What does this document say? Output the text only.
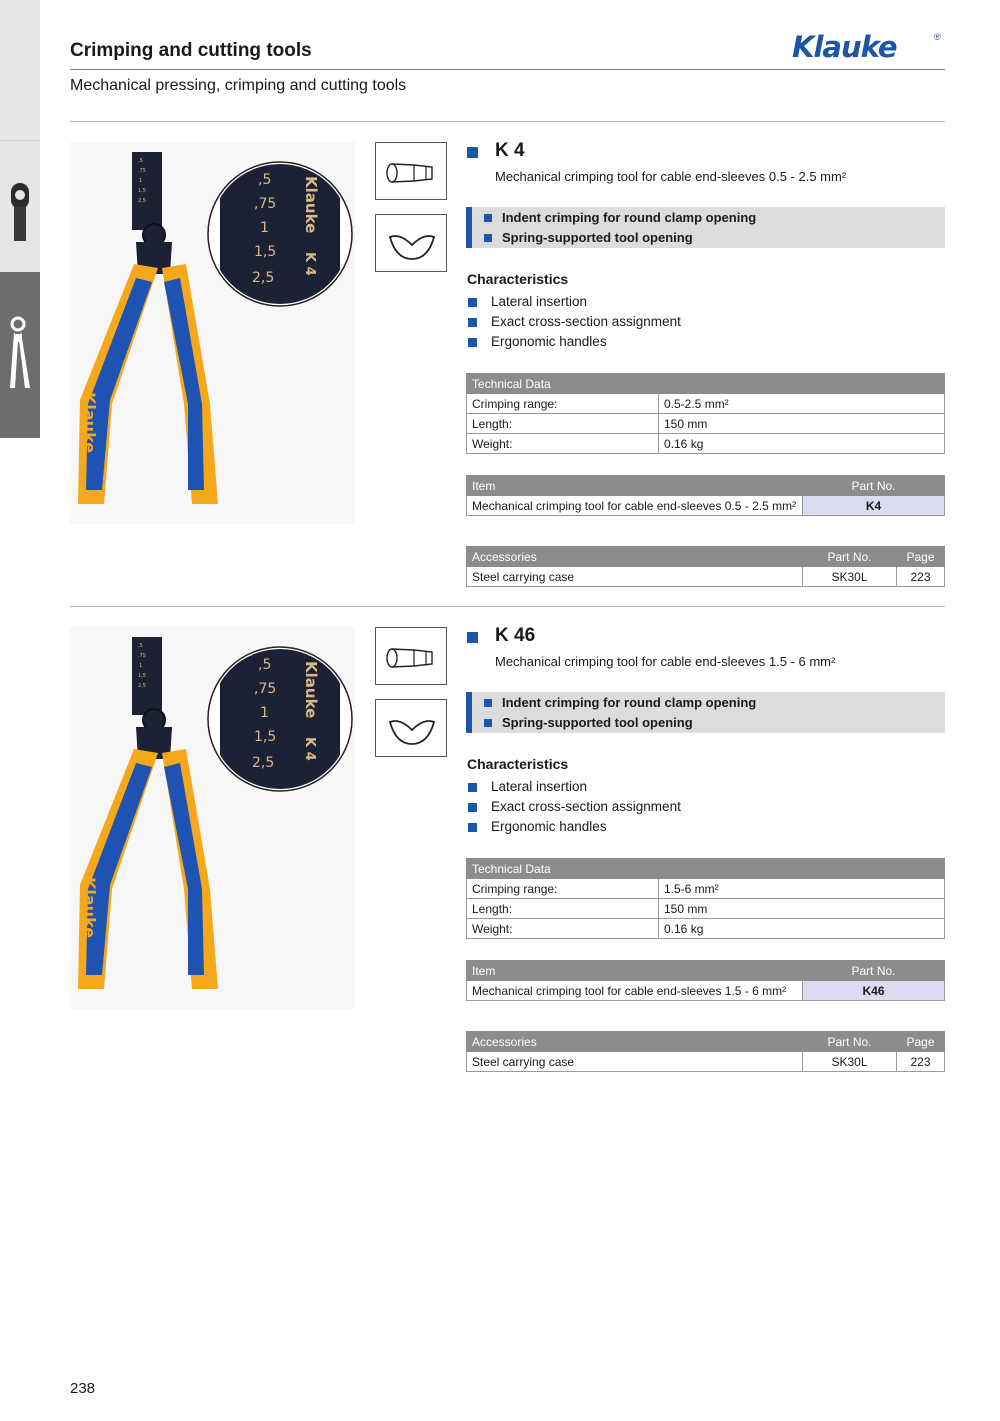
Crimping and cutting tools	Klauke	®
Mechanical pressing, crimping and cutting tools
,5
,75
1
1,5
2,5
Klauke
,5
,75
1
1,5
2,5
Klauke
K 4
K 4
Mechanical crimping tool for cable end-sleeves 0.5 - 2.5 mm²
Indent crimping for round clamp opening
Spring-supported tool opening
Characteristics
Lateral insertion
Exact cross-section assignment
Ergonomic handles
Technical Data	
Crimping range:	0.5-2.5 mm²
Length:	150 mm
Weight:	0.16 kg
Item	Part No.
Mechanical crimping tool for cable end-sleeves 0.5 - 2.5 mm²	K4
Accessories	Part No.	Page
Steel carrying case	SK30L	223
,5
,75
1
1,5
2,5
Klauke
,5
,75
1
1,5
2,5
Klauke
K 4
K 46
Mechanical crimping tool for cable end-sleeves 1.5 - 6 mm²
Indent crimping for round clamp opening
Spring-supported tool opening
Characteristics
Lateral insertion
Exact cross-section assignment
Ergonomic handles
Technical Data	
Crimping range:	1.5-6 mm²
Length:	150 mm
Weight:	0.16 kg
Item	Part No.
Mechanical crimping tool for cable end-sleeves 1.5 - 6 mm²	K46
Accessories	Part No.	Page
Steel carrying case	SK30L	223
238
